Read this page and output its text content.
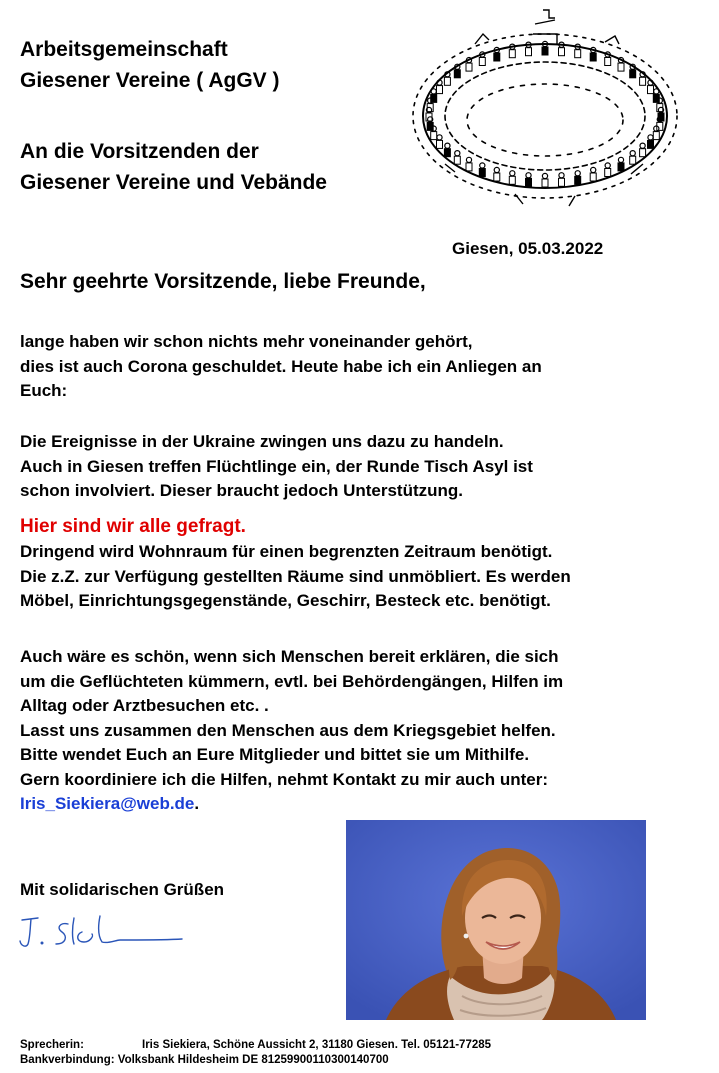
Arbeitsgemeinschaft
Giesener Vereine ( AgGV )
An die Vorsitzenden der
Giesener Vereine und Vebände
Giesen, 05.03.2022
Sehr geehrte Vorsitzende, liebe Freunde,
lange haben wir schon nichts mehr voneinander gehört,
dies ist auch Corona geschuldet. Heute habe ich ein Anliegen an
Euch:
Die Ereignisse in der Ukraine zwingen uns dazu zu handeln.
Auch in Giesen treffen Flüchtlinge ein, der Runde Tisch Asyl ist
schon involviert. Dieser braucht jedoch Unterstützung.
Hier sind wir alle gefragt.
Dringend wird Wohnraum für einen begrenzten Zeitraum benötigt.
Die z.Z. zur Verfügung gestellten Räume sind unmöbliert. Es werden
Möbel, Einrichtungsgegenstände, Geschirr, Besteck etc. benötigt.
Auch wäre es schön, wenn sich Menschen bereit erklären, die sich
um die Geflüchteten kümmern, evtl. bei Behördengängen, Hilfen im
Alltag oder Arztbesuchen etc. .
Lasst uns zusammen den Menschen aus dem Kriegsgebiet helfen.
Bitte wendet Euch an Eure Mitglieder und bittet sie um Mithilfe.
Gern koordiniere ich die Hilfen, nehmt Kontakt zu mir auch unter:
Iris_Siekiera@web.de.
Mit solidarischen Grüßen
Sprecherin:	Iris Siekiera, Schöne Aussicht 2, 31180 Giesen. Tel. 05121-77285
Bankverbindung: Volksbank Hildesheim DE 81259900110300140700
